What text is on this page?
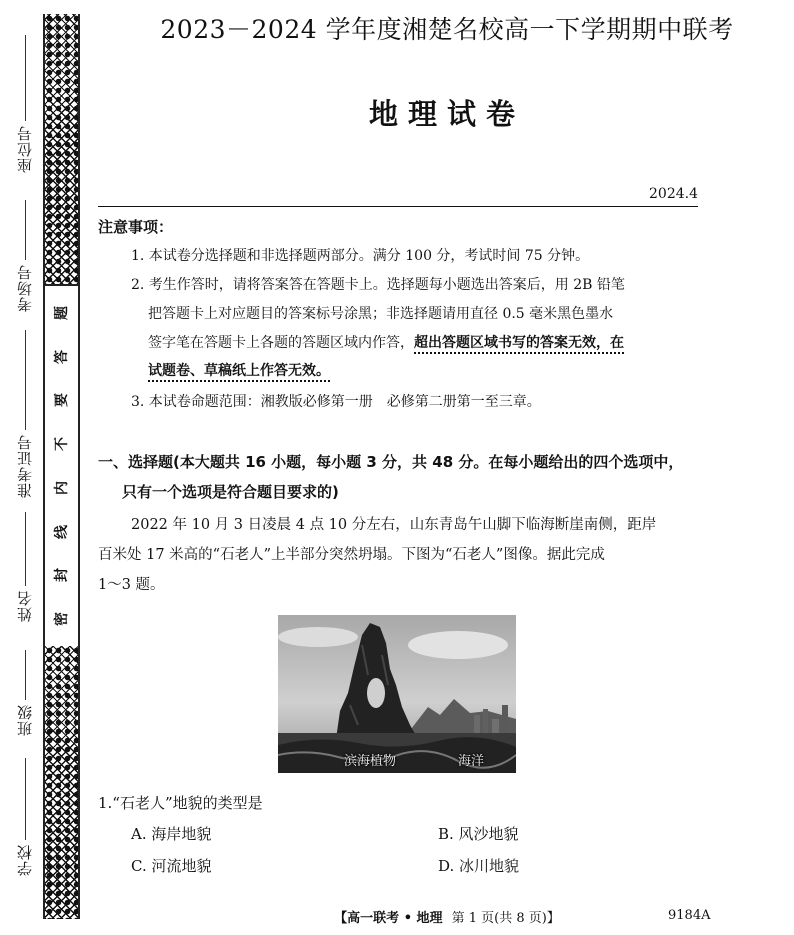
题
答
要
不
内
线
封
密
座位号
考场号
准考证号
姓名
班级
学校
2023－2024 学年度湘楚名校高一下学期期中联考
地理试卷
2024.4
注意事项：
1. 本试卷分选择题和非选择题两部分。满分 100 分，考试时间 75 分钟。
2. 考生作答时，请将答案答在答题卡上。选择题每小题选出答案后，用 2B 铅笔
把答题卡上对应题目的答案标号涂黑；非选择题请用直径 0.5 毫米黑色墨水
签字笔在答题卡上各题的答题区域内作答，超出答题区域书写的答案无效，在
试题卷、草稿纸上作答无效。
3. 本试卷命题范围：湘教版必修第一册　必修第二册第一至三章。
一、选择题(本大题共 16 小题，每小题 3 分，共 48 分。在每小题给出的四个选项中，
只有一个选项是符合题目要求的)
2022 年 10 月 3 日凌晨 4 点 10 分左右，山东青岛午山脚下临海断崖南侧，距岸
百米处 17 米高的“石老人”上半部分突然坍塌。下图为“石老人”图像。据此完成
1～3 题。
滨海植物	海洋
1.“石老人”地貌的类型是
A. 海岸地貌	B. 风沙地貌
C. 河流地貌	D. 冰川地貌
【高一联考 • 地理 第 1 页(共 8 页)】	9184A
